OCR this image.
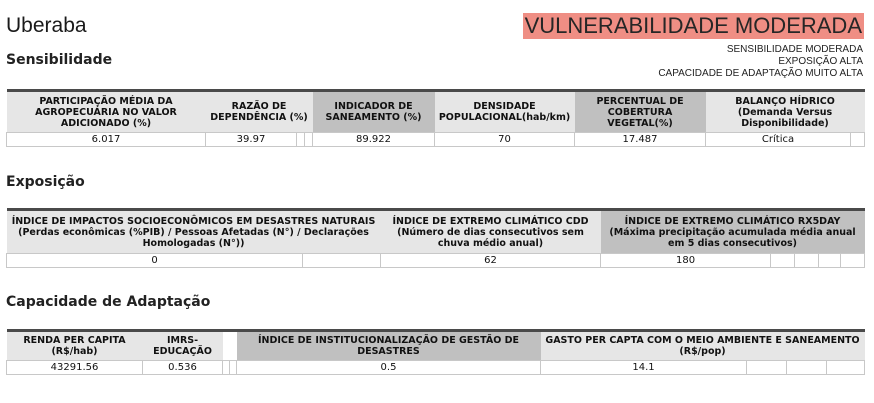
Uberaba	VULNERABILIDADE MODERADA
SENSIBILIDADE MODERADA
EXPOSIÇÃO ALTA
CAPACIDADE DE ADAPTAÇÃO MUITO ALTA
Sensibilidade
PARTICIPAÇÃO MÉDIA DA AGROPECUÁRIA NO VALOR ADICIONADO (%)	RAZÃO DE DEPENDÊNCIA (%)			INDICADOR DE SANEAMENTO (%)	DENSIDADE POPULACIONAL(hab/km)	PERCENTUAL DE COBERTURA VEGETAL(%)	BALANÇO HÍDRICO (Demanda Versus Disponibilidade)	
6.017	39.97			89.922	70	17.487	Crítica	
Exposição
ÍNDICE DE IMPACTOS SOCIOECONÔMICOS EM DESASTRES NATURAIS (Perdas econômicas (%PIB) / Pessoas Afetadas (N°) / Declarações Homologadas (N°))		ÍNDICE DE EXTREMO CLIMÁTICO CDD (Número de dias consecutivos sem chuva médio anual)	ÍNDICE DE EXTREMO CLIMÁTICO RX5DAY (Máxima precipitação acumulada média anual em 5 dias consecutivos)				
0		62	180				
Capacidade de Adaptação
RENDA PER CAPITA (R$/hab)	IMRS-EDUCAÇÃO			ÍNDICE DE INSTITUCIONALIZAÇÃO DE GESTÃO DE DESASTRES	GASTO PER CAPTA COM O MEIO AMBIENTE E SANEAMENTO (R$/pop)			
43291.56	0.536			0.5	14.1			
